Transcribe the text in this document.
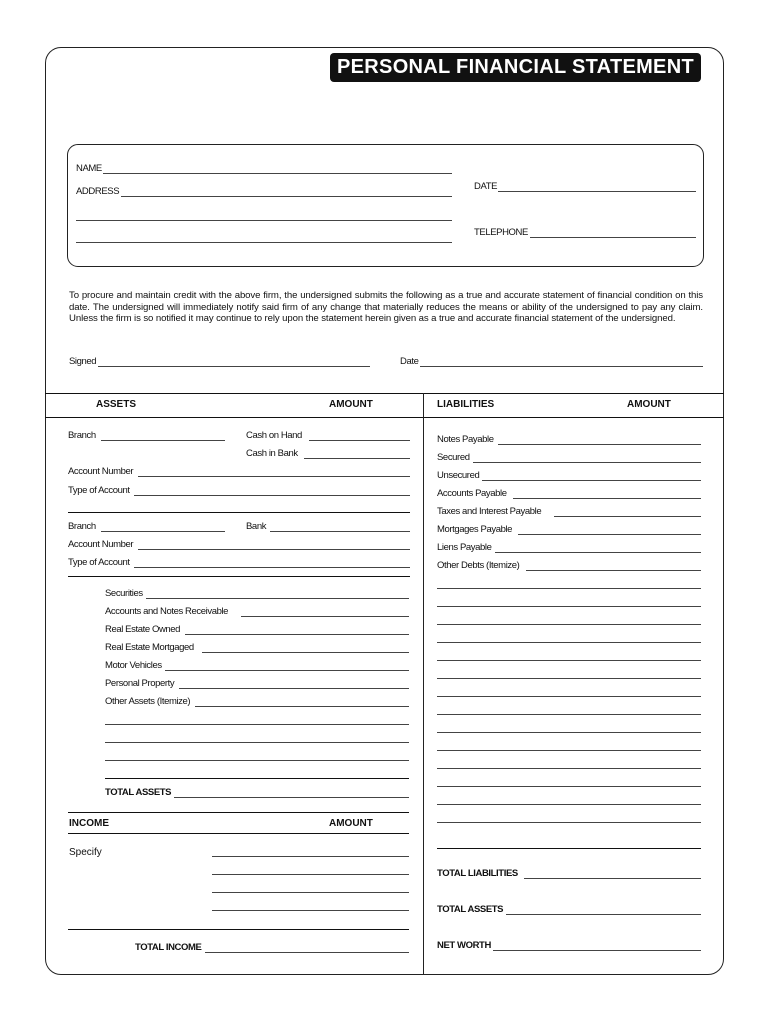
PERSONAL FINANCIAL STATEMENT
NAME
ADDRESS	DATE
TELEPHONE
To procure and maintain credit with the above firm, the undersigned submits the following as a true and accurate statement of financial condition on this date. The undersigned will immediately notify said firm of any change that materially reduces the means or ability of the undersigned to pay any claim. Unless the firm is so notified it may continue to rely upon the statement herein given as a true and accurate financial statement of the undersigned.
Signed	Date
ASSETS	AMOUNT	LIABILITIES	AMOUNT
Branch	Cash on Hand
Cash in Bank
Account Number
Type of Account
Branch	Bank
Account Number
Type of Account
Securities
Accounts and Notes Receivable
Real Estate Owned
Real Estate Mortgaged
Motor Vehicles
Personal Property
Other Assets (Itemize)
TOTAL ASSETS
INCOME	AMOUNT
Specify
TOTAL INCOME
Notes Payable
Secured
Unsecured
Accounts Payable
Taxes and Interest Payable
Mortgages Payable
Liens Payable
Other Debts (Itemize)
TOTAL LIABILITIES
TOTAL ASSETS
NET WORTH
